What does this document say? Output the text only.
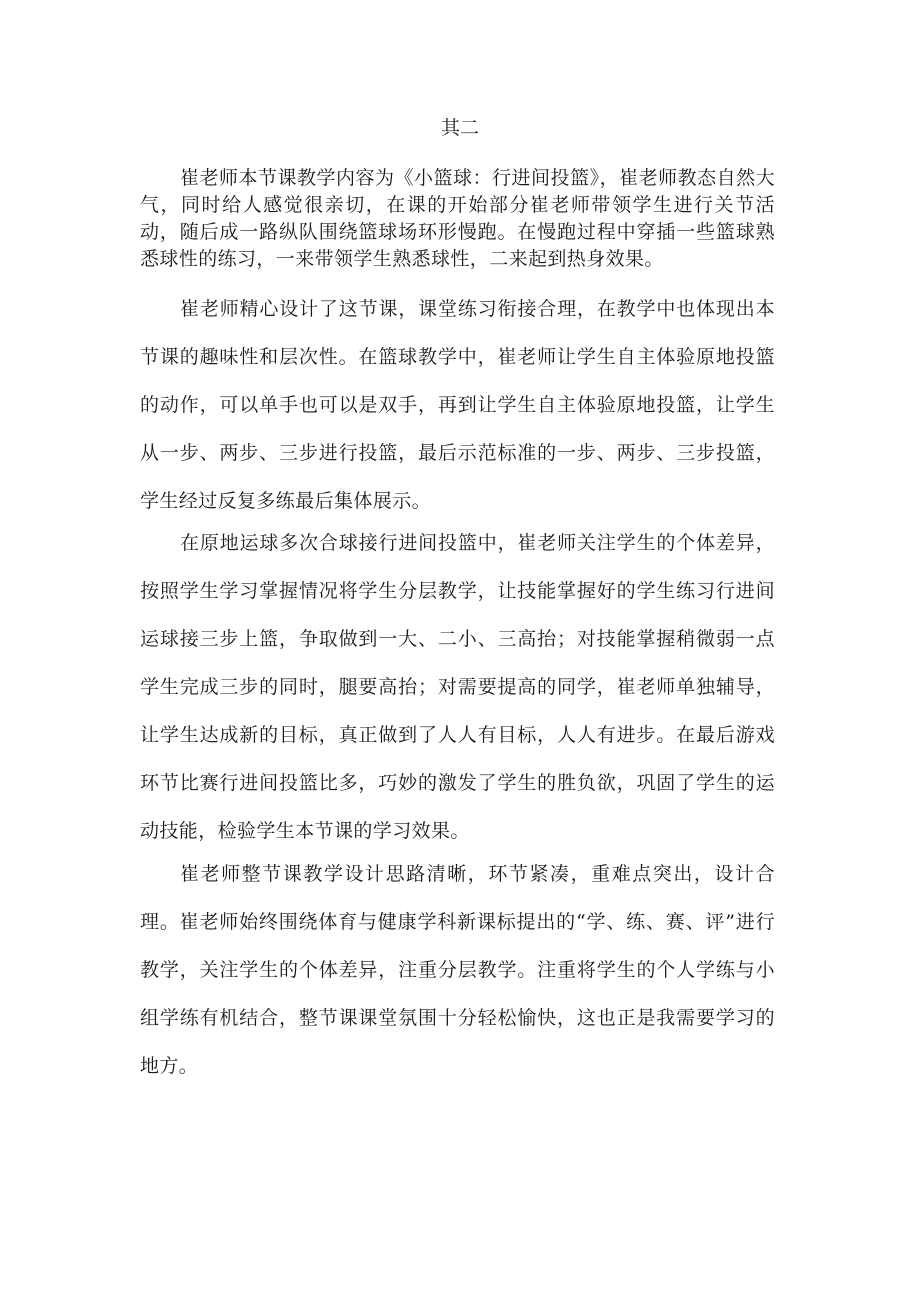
其二

崔老师本节课教学内容为《小篮球：行进间投篮》，崔老师教态自然大气，同时给人感觉很亲切，在课的开始部分崔老师带领学生进行关节活动，随后成一路纵队围绕篮球场环形慢跑。在慢跑过程中穿插一些篮球熟悉球性的练习，一来带领学生熟悉球性，二来起到热身效果。

崔老师精心设计了这节课，课堂练习衔接合理，在教学中也体现出本节课的趣味性和层次性。在篮球教学中，崔老师让学生自主体验原地投篮的动作，可以单手也可以是双手，再到让学生自主体验原地投篮，让学生从一步、两步、三步进行投篮，最后示范标准的一步、两步、三步投篮，学生经过反复多练最后集体展示。

在原地运球多次合球接行进间投篮中，崔老师关注学生的个体差异，按照学生学习掌握情况将学生分层教学，让技能掌握好的学生练习行进间运球接三步上篮，争取做到一大、二小、三高抬；对技能掌握稍微弱一点学生完成三步的同时，腿要高抬；对需要提高的同学，崔老师单独辅导，让学生达成新的目标，真正做到了人人有目标，人人有进步。在最后游戏环节比赛行进间投篮比多，巧妙的激发了学生的胜负欲，巩固了学生的运动技能，检验学生本节课的学习效果。

崔老师整节课教学设计思路清晰，环节紧凑，重难点突出，设计合理。崔老师始终围绕体育与健康学科新课标提出的“学、练、赛、评”进行教学，关注学生的个体差异，注重分层教学。注重将学生的个人学练与小组学练有机结合，整节课课堂氛围十分轻松愉快，这也正是我需要学习的地方。
